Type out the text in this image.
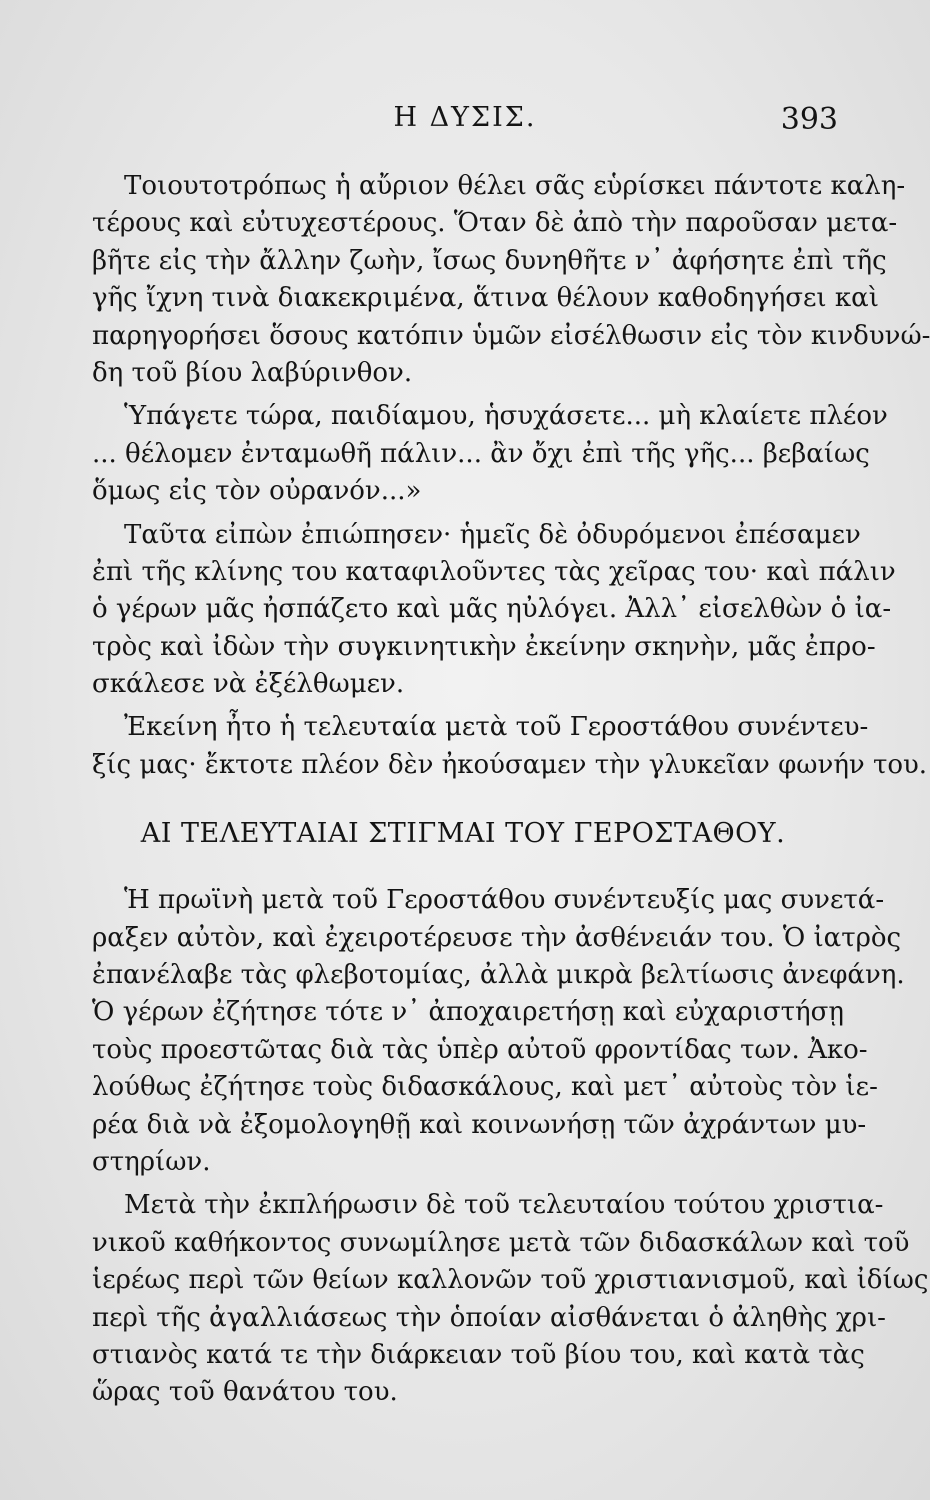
Η ΔΥΣΙΣ.	393
Τοιουτοτρόπως ἡ αὔριον θέλει σᾶς εὑρίσκει πάντοτε καλη-
τέρους καὶ εὐτυχεστέρους. Ὅταν δὲ ἀπὸ τὴν παροῦσαν μετα-
βῆτε εἰς τὴν ἄλλην ζωὴν, ἴσως δυνηθῆτε ν᾽ ἀφήσητε ἐπὶ τῆς
γῆς ἴχνη τινὰ διακεκριμένα, ἅτινα θέλουν καθοδηγήσει καὶ
παρηγορήσει ὅσους κατόπιν ὑμῶν εἰσέλθωσιν εἰς τὸν κινδυνώ-
δη τοῦ βίου λαβύρινθον.
Ὑπάγετε τώρα, παιδίαμου, ἡσυχάσετε... μὴ κλαίετε πλέον
... θέλομεν ἐνταμωθῆ πάλιν... ἂν ὄχι ἐπὶ τῆς γῆς... βεβαίως
ὅμως εἰς τὸν οὐρανόν...»
Ταῦτα εἰπὼν ἐπιώπησεν· ἡμεῖς δὲ ὀδυρόμενοι ἐπέσαμεν
ἐπὶ τῆς κλίνης του καταφιλοῦντες τὰς χεῖρας του· καὶ πάλιν
ὁ γέρων μᾶς ἠσπάζετο καὶ μᾶς ηὐλόγει. Ἀλλ᾽ εἰσελθὼν ὁ ἰα-
τρὸς καὶ ἰδὼν τὴν συγκινητικὴν ἐκείνην σκηνὴν, μᾶς ἐπρο-
σκάλεσε νὰ ἐξέλθωμεν.
Ἐκείνη ἦτο ἡ τελευταία μετὰ τοῦ Γεροστάθου συνέντευ-
ξίς μας· ἔκτοτε πλέον δὲν ἠκούσαμεν τὴν γλυκεῖαν φωνήν του.
ΑΙ ΤΕΛΕΥΤΑΙΑΙ ΣΤΙΓΜΑΙ ΤΟΥ ΓΕΡΟΣΤΑΘΟΥ.
Ἡ πρωϊνὴ μετὰ τοῦ Γεροστάθου συνέντευξίς μας συνετά-
ραξεν αὐτὸν, καὶ ἐχειροτέρευσε τὴν ἀσθένειάν του. Ὁ ἰατρὸς
ἐπανέλαβε τὰς φλεβοτομίας, ἀλλὰ μικρὰ βελτίωσις ἀνεφάνη.
Ὁ γέρων ἐζήτησε τότε ν᾽ ἀποχαιρετήσῃ καὶ εὐχαριστήσῃ
τοὺς προεστῶτας διὰ τὰς ὑπὲρ αὐτοῦ φροντίδας των. Ἀκο-
λούθως ἐζήτησε τοὺς διδασκάλους, καὶ μετ᾽ αὐτοὺς τὸν ἱε-
ρέα διὰ νὰ ἐξομολογηθῇ καὶ κοινωνήσῃ τῶν ἀχράντων μυ-
στηρίων.
Μετὰ τὴν ἐκπλήρωσιν δὲ τοῦ τελευταίου τούτου χριστια-
νικοῦ καθήκοντος συνωμίλησε μετὰ τῶν διδασκάλων καὶ τοῦ
ἱερέως περὶ τῶν θείων καλλονῶν τοῦ χριστιανισμοῦ, καὶ ἰδίως
περὶ τῆς ἀγαλλιάσεως τὴν ὁποίαν αἰσθάνεται ὁ ἀληθὴς χρι-
στιανὸς κατά τε τὴν διάρκειαν τοῦ βίου του, καὶ κατὰ τὰς
ὥρας τοῦ θανάτου του.
